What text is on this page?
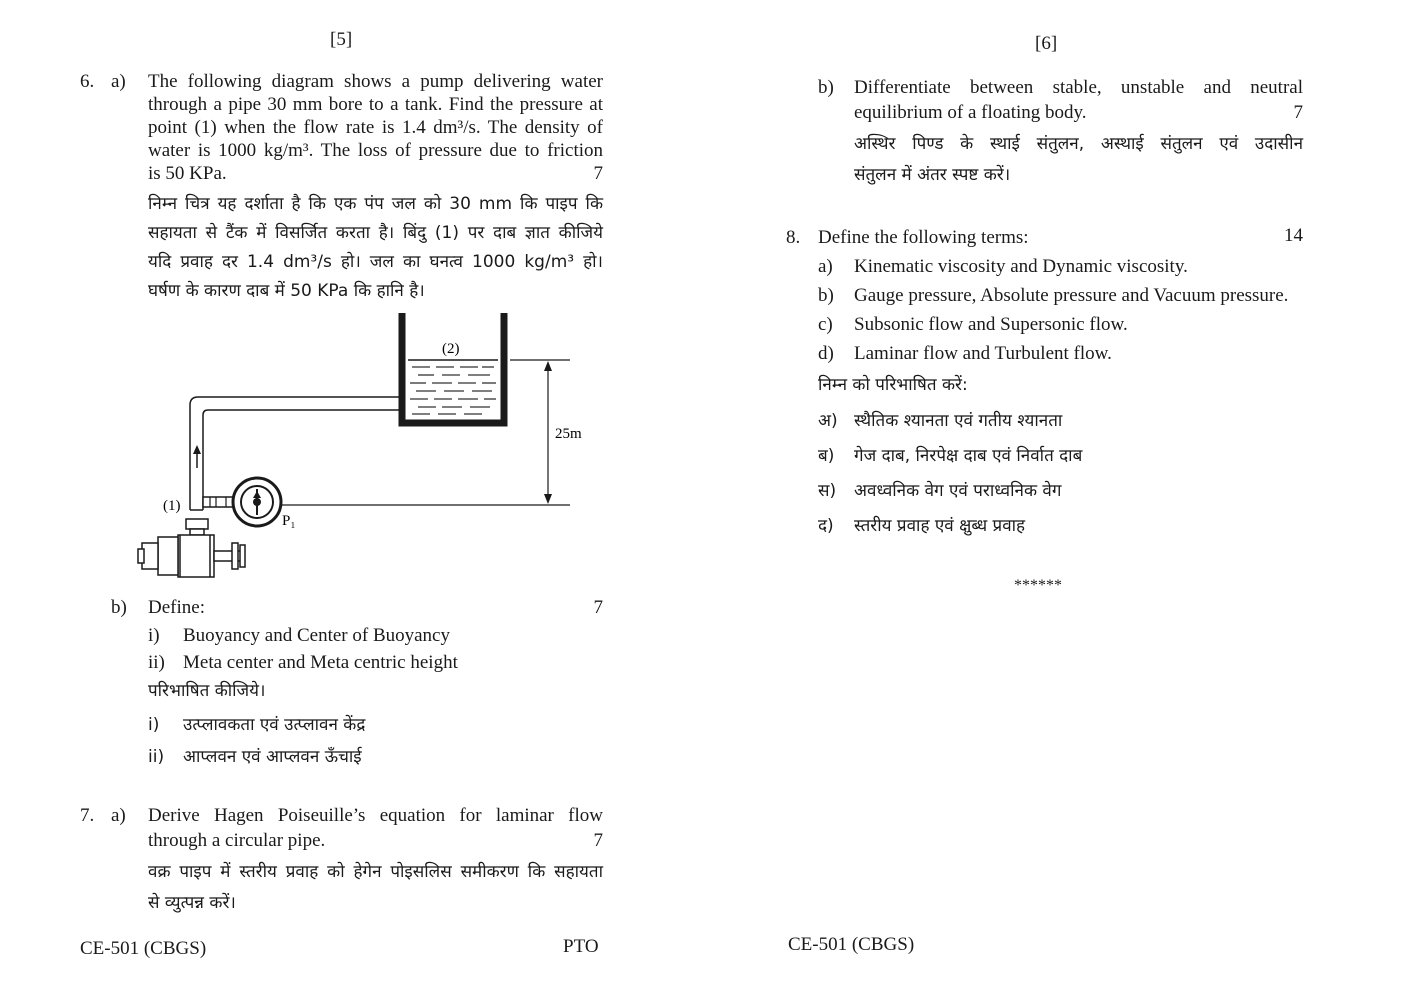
[5]
6. a) The following diagram shows a pump delivering water
through a pipe 30 mm bore to a tank. Find the pressure at
point (1) when the flow rate is 1.4 dm³/s. The density of
water is 1000 kg/m³. The loss of pressure due to friction
is 50 KPa.	7
निम्न चित्र यह दर्शाता है कि एक पंप जल को 30 mm कि पाइप कि
सहायता से टैंक में विसर्जित करता है। बिंदु (1) पर दाब ज्ञात कीजिये
यदि प्रवाह दर 1.4 dm³/s हो। जल का घनत्व 1000 kg/m³ हो।
घर्षण के कारण दाब में 50 KPa कि हानि है।
(2)
P₁
(1)
25m
b) Define:	7
i) Buoyancy and Center of Buoyancy
ii) Meta center and Meta centric height
परिभाषित कीजिये।
i) उत्प्लावकता एवं उत्प्लावन केंद्र
ii) आप्लवन एवं आप्लवन ऊँचाई
7. a) Derive Hagen Poiseuille’s equation for laminar flow
through a circular pipe.	7
वक्र पाइप में स्तरीय प्रवाह को हेगेन पोइसलिस समीकरण कि सहायता
से व्युत्पन्न करें।
CE-501 (CBGS)	PTO
[6]
b) Differentiate between stable, unstable and neutral
equilibrium of a floating body.	7
अस्थिर पिण्ड के स्थाई संतुलन, अस्थाई संतुलन एवं उदासीन
संतुलन में अंतर स्पष्ट करें।
8. Define the following terms:	14
a) Kinematic viscosity and Dynamic viscosity.
b) Gauge pressure, Absolute pressure and Vacuum pressure.
c) Subsonic flow and Supersonic flow.
d) Laminar flow and Turbulent flow.
निम्न को परिभाषित करें:
अ) स्थैतिक श्यानता एवं गतीय श्यानता
ब) गेज दाब, निरपेक्ष दाब एवं निर्वात दाब
स) अवध्वनिक वेग एवं पराध्वनिक वेग
द) स्तरीय प्रवाह एवं क्षुब्ध प्रवाह
******
CE-501 (CBGS)
